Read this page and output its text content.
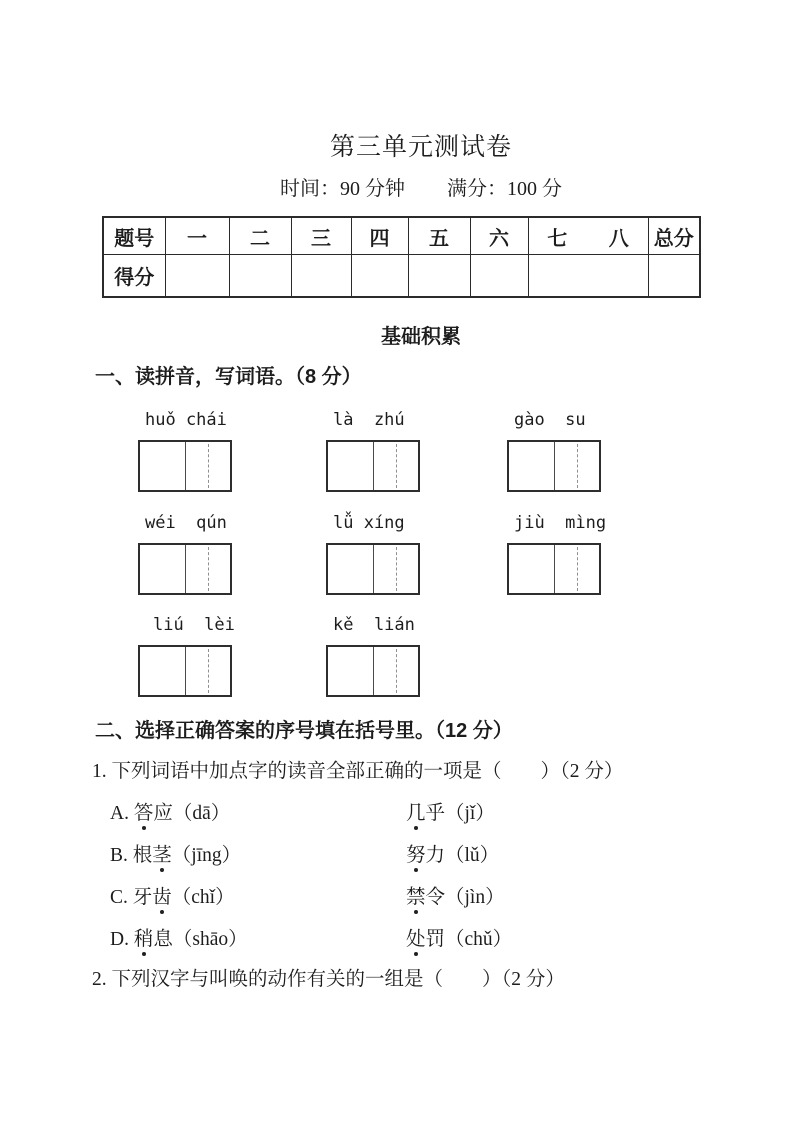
第三单元测试卷
时间：90 分钟 满分：100 分
题号	一	二	三	四	五	六	七 八	总分
得分								
基础积累
一、读拼音，写词语。（8 分）
huǒ chái	là  zhú	gào  su
wéi  qún	lǚ xíng	jiù  mìng
liú  lèi	kě  lián
二、选择正确答案的序号填在括号里。（12 分）
1. 下列词语中加点字的读音全部正确的一项是（　　）（2 分）
A. 答应（dā）	几乎（jǐ）
B. 根茎（jīng）	努力（lǔ）
C. 牙齿（chǐ）	禁令（jìn）
D. 稍息（shāo）	处罚（chǔ）
2. 下列汉字与叫唤的动作有关的一组是（　　）（2 分）
